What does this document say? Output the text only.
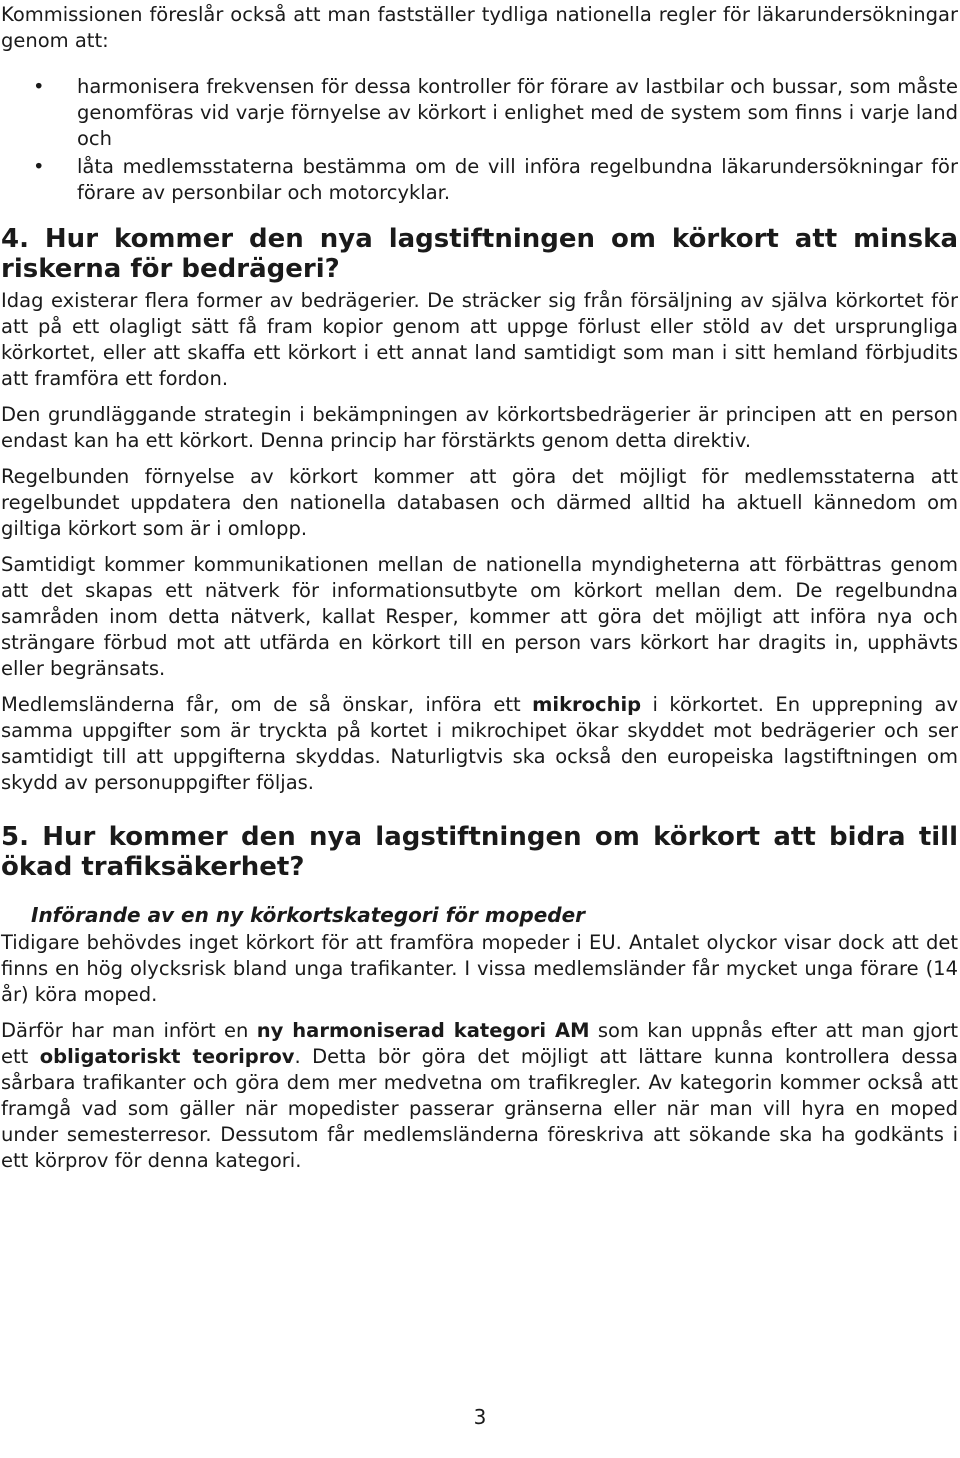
Kommissionen föreslår också att man fastställer tydliga nationella regler för läkarundersökningar genom att:

• harmonisera frekvensen för dessa kontroller för förare av lastbilar och bussar, som måste genomföras vid varje förnyelse av körkort i enlighet med de system som finns i varje land och
• låta medlemsstaterna bestämma om de vill införa regelbundna läkarundersökningar för förare av personbilar och motorcyklar.
4. Hur kommer den nya lagstiftningen om körkort att minska riskerna för bedrägeri?

Idag existerar flera former av bedrägerier. De sträcker sig från försäljning av själva körkortet för att på ett olagligt sätt få fram kopior genom att uppge förlust eller stöld av det ursprungliga körkortet, eller att skaffa ett körkort i ett annat land samtidigt som man i sitt hemland förbjudits att framföra ett fordon.

Den grundläggande strategin i bekämpningen av körkortsbedrägerier är principen att en person endast kan ha ett körkort. Denna princip har förstärkts genom detta direktiv.

Regelbunden förnyelse av körkort kommer att göra det möjligt för medlemsstaterna att regelbundet uppdatera den nationella databasen och därmed alltid ha aktuell kännedom om giltiga körkort som är i omlopp.

Samtidigt kommer kommunikationen mellan de nationella myndigheterna att förbättras genom att det skapas ett nätverk för informationsutbyte om körkort mellan dem. De regelbundna samråden inom detta nätverk, kallat Resper, kommer att göra det möjligt att införa nya och strängare förbud mot att utfärda en körkort till en person vars körkort har dragits in, upphävts eller begränsats.

Medlemsländerna får, om de så önskar, införa ett mikrochip i körkortet. En upprepning av samma uppgifter som är tryckta på kortet i mikrochipet ökar skyddet mot bedrägerier och ser samtidigt till att uppgifterna skyddas. Naturligtvis ska också den europeiska lagstiftningen om skydd av personuppgifter följas.

5. Hur kommer den nya lagstiftningen om körkort att bidra till ökad trafiksäkerhet?
Införande av en ny körkortskategori för mopeder

Tidigare behövdes inget körkort för att framföra mopeder i EU. Antalet olyckor visar dock att det finns en hög olycksrisk bland unga trafikanter. I vissa medlemsländer får mycket unga förare (14 år) köra moped.

Därför har man infört en ny harmoniserad kategori AM som kan uppnås efter att man gjort ett obligatoriskt teoriprov. Detta bör göra det möjligt att lättare kunna kontrollera dessa sårbara trafikanter och göra dem mer medvetna om trafikregler. Av kategorin kommer också att framgå vad som gäller när mopedister passerar gränserna eller när man vill hyra en moped under semesterresor. Dessutom får medlemsländerna föreskriva att sökande ska ha godkänts i ett körprov för denna kategori.

3
